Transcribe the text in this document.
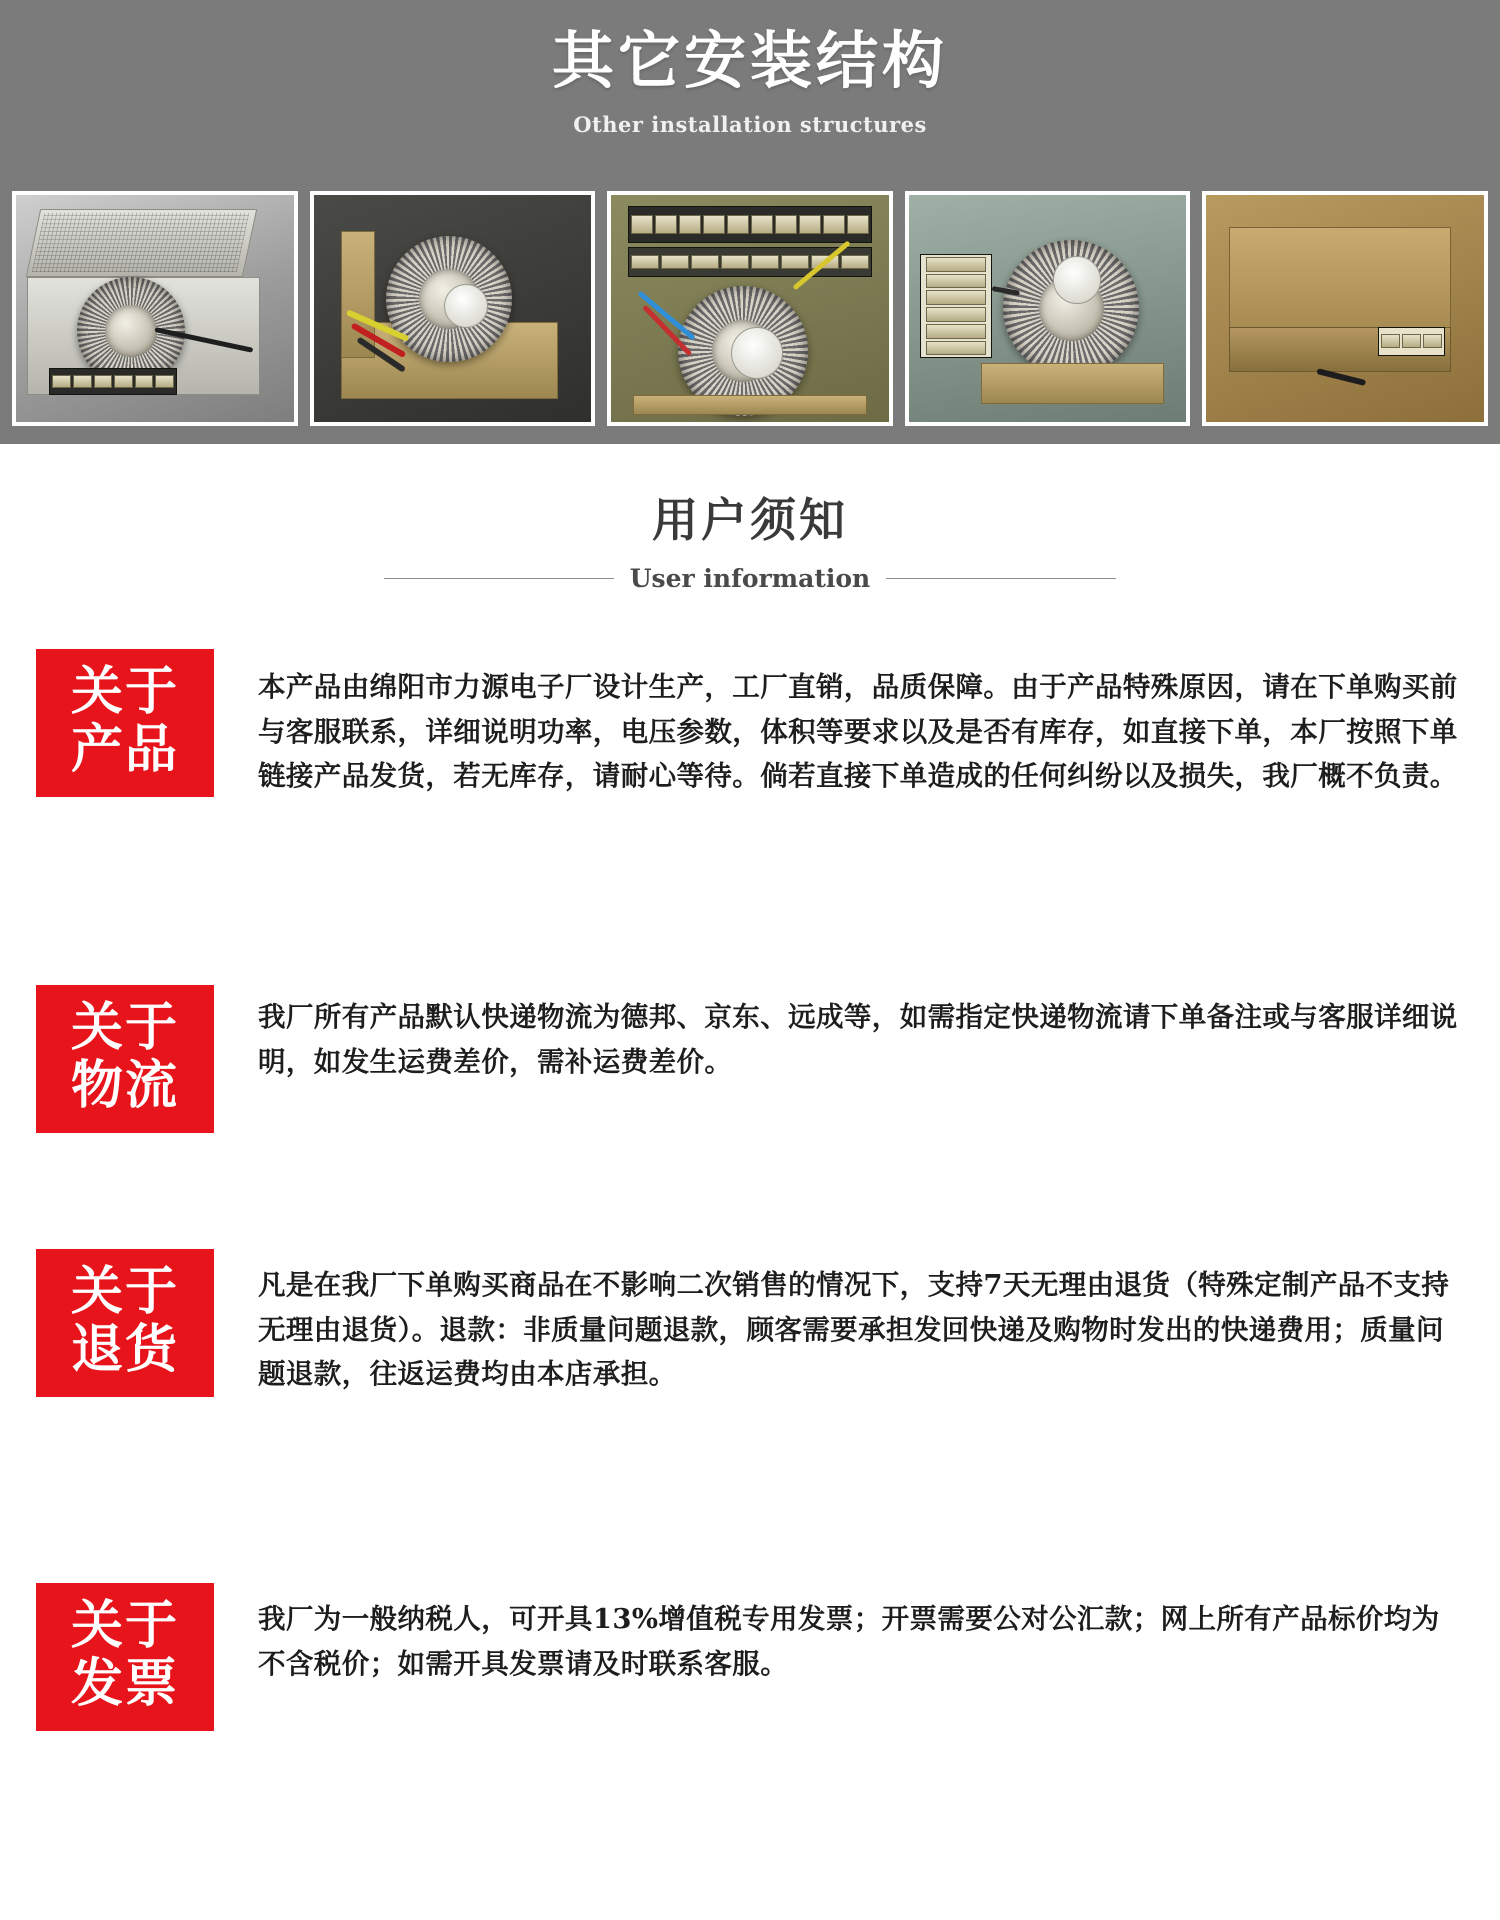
其它安装结构
Other installation structures
用户须知
User information
关于
产品
本产品由绵阳市力源电子厂设计生产，工厂直销，品质保障。由于产品特殊原因，请在下单购买前与客服联系，详细说明功率，电压参数，体积等要求以及是否有库存，如直接下单，本厂按照下单链接产品发货，若无库存，请耐心等待。倘若直接下单造成的任何纠纷以及损失，我厂概不负责。
关于
物流
我厂所有产品默认快递物流为德邦、京东、远成等，如需指定快递物流请下单备注或与客服详细说明，如发生运费差价，需补运费差价。
关于
退货
凡是在我厂下单购买商品在不影响二次销售的情况下，支持7天无理由退货（特殊定制产品不支持无理由退货）。退款：非质量问题退款，顾客需要承担发回快递及购物时发出的快递费用；质量问题退款，往返运费均由本店承担。
关于
发票
我厂为一般纳税人，可开具13%增值税专用发票；开票需要公对公汇款；网上所有产品标价均为不含税价；如需开具发票请及时联系客服。
